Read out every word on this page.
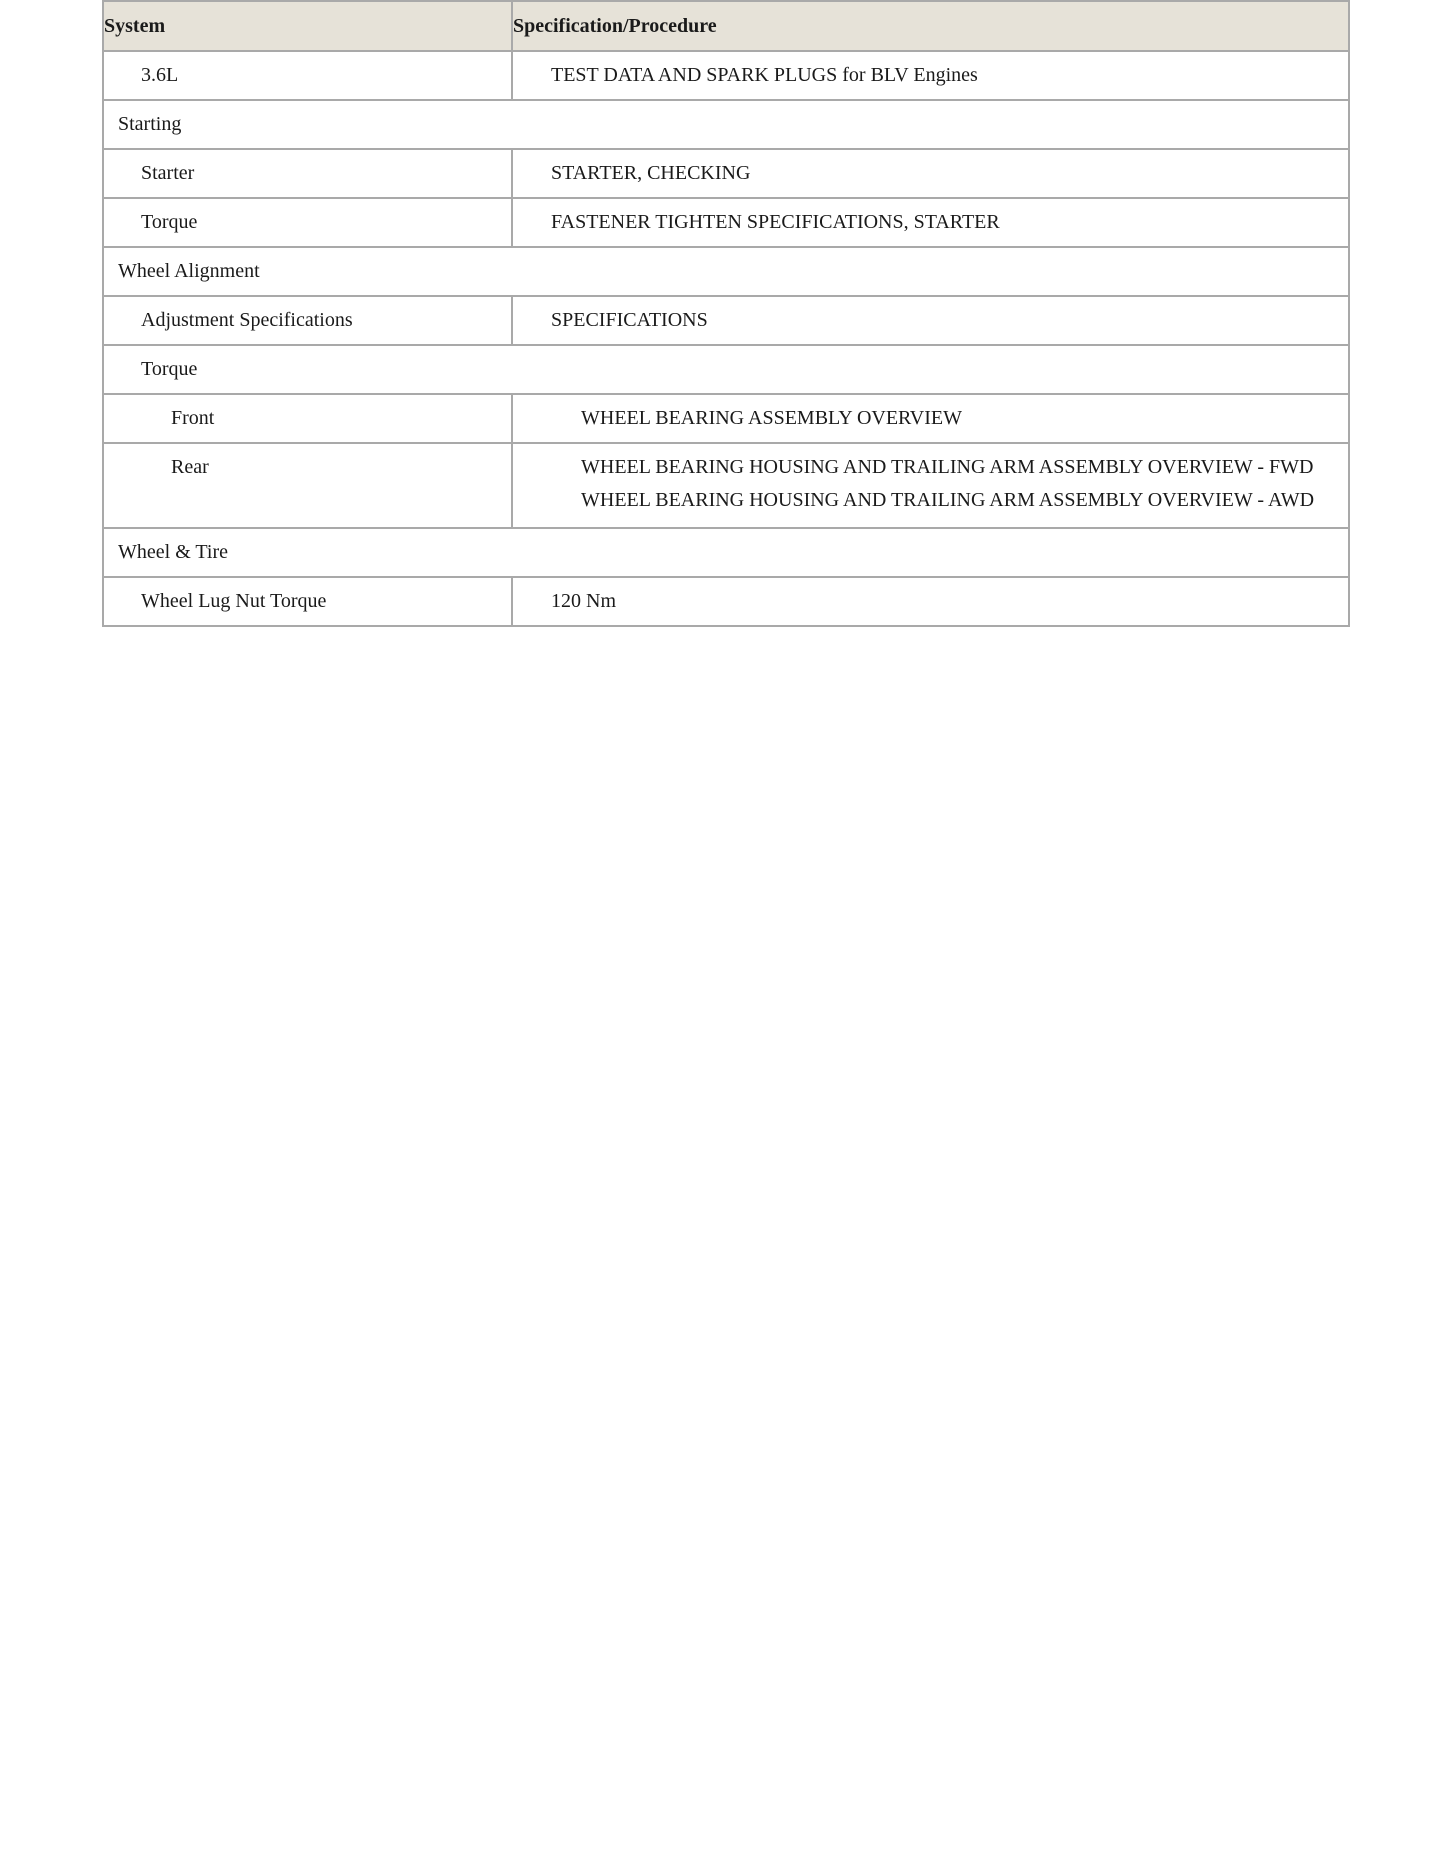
System	Specification/Procedure

3.6L	TEST DATA AND SPARK PLUGS for BLV Engines

Starting	

Starter	STARTER, CHECKING

Torque	FASTENER TIGHTEN SPECIFICATIONS, STARTER

Wheel Alignment	

Adjustment Specifications	SPECIFICATIONS

Torque	

Front	WHEEL BEARING ASSEMBLY OVERVIEW

Rear	WHEEL BEARING HOUSING AND TRAILING ARM ASSEMBLY OVERVIEW - FWD
WHEEL BEARING HOUSING AND TRAILING ARM ASSEMBLY OVERVIEW - AWD

Wheel & Tire	

Wheel Lug Nut Torque	120 Nm
